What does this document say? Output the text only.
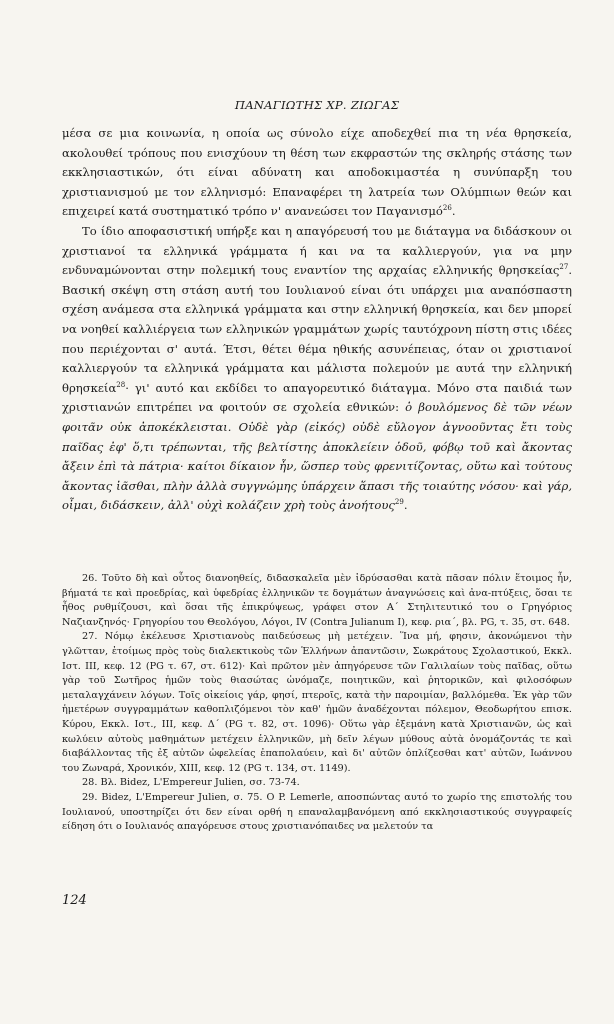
ΠΑΝΑΓΙΩΤΗΣ ΧΡ. ΖΙΩΓΑΣ

μέσα σε μια κοινωνία, η οποία ως σύνολο είχε αποδεχθεί πια τη νέα θρησκεία, ακολουθεί τρόπους που ενισχύουν τη θέση των εκφραστών της σκληρής στάσης των εκκλησιαστικών, ότι είναι αδύνατη και αποδοκιμαστέα η συνύπαρξη του χριστιανισμού με τον ελληνισμό: Επαναφέρει τη λατρεία των Ολύμπιων θεών και επιχειρεί κατά συστηματικό τρόπο ν' ανανεώσει τον Παγανισμό$^{26}$.

Το ίδιο αποφασιστική υπήρξε και η απαγόρευσή του με διάταγμα να διδάσκουν οι χριστιανοί τα ελληνικά γράμματα ή και να τα καλλιεργούν, για να μην ενδυναμώνονται στην πολεμική τους εναντίον της αρχαίας ελληνικής θρησκείας$^{27}$. Βασική σκέψη στη στάση αυτή του Ιουλιανού είναι ότι υπάρχει μια αναπόσπαστη σχέση ανάμεσα στα ελληνικά γράμματα και στην ελληνική θρησκεία, και δεν μπορεί να νοηθεί καλλιέργεια των ελληνικών γραμμάτων χωρίς ταυτόχρονη πίστη στις ιδέες που περιέχονται σ' αυτά. Έτσι, θέτει θέμα ηθικής ασυνέπειας, όταν οι χριστιανοί καλλιεργούν τα ελληνικά γράμματα και μάλιστα πολεμούν με αυτά την ελληνική θρησκεία$^{28}$· γι' αυτό και εκδίδει το απαγορευτικό διάταγμα. Μόνο στα παιδιά των χριστιανών επιτρέπει να φοιτούν σε σχολεία εθνικών: ὁ βουλόμενος δὲ τῶν νέων φοιτᾶν οὐκ ἀποκέκλεισται. Οὐδὲ γὰρ (εἰκός) οὐδὲ εὔλογον ἀγνοοῦντας ἔτι τοὺς παῖδας ἐφ' ὅ,τι τρέπωνται, τῆς βελτίστης ἀποκλείειν ὁδοῦ, φόβῳ τοῦ καὶ ἄκοντας ἄξειν ἐπὶ τὰ πάτρια· καίτοι δίκαιον ἦν, ὥσπερ τοὺς φρενιτίζοντας, οὕτω καὶ τούτους ἄκοντας ἰᾶσθαι, πλὴν ἀλλὰ συγγνώμης ὑπάρχειν ἅπασι τῆς τοιαύτης νόσου· καὶ γάρ, οἶμαι, διδάσκειν, ἀλλ' οὐχὶ κολάζειν χρὴ τοὺς ἀνοήτους$^{29}$.

26. Τοῦτο δὴ καὶ οὗτος διανοηθείς, διδασκαλεῖα μὲν ἱδρύσασθαι κατὰ πᾶσαν πόλιν ἕτοιμος ἦν, βήματά τε καὶ προεδρίας, καὶ ὑφεδρίας ἑλληνικῶν τε δογμάτων ἀναγνώσεις καὶ ἀνα-πτύξεις, ὅσαι τε ἦθος ρυθμίζουσι, καὶ ὅσαι τῆς ἐπικρύψεως, γράφει στον Α΄ Στηλιτευτικό του ο Γρηγόριος Ναζιανζηνός· Γρηγορίου του Θεολόγου, Λόγοι, IV (Contra Julianum I), κεφ. ρια΄, βλ. PG, τ. 35, στ. 648.

27. Νόμῳ ἐκέλευσε Χριστιανοὺς παιδεύσεως μὴ μετέχειν. Ἵνα μή, φησιν, ἀκονώμενοι τὴν γλῶτταν, ἑτοίμως πρὸς τοὺς διαλεκτικοὺς τῶν Ἑλλήνων ἀπαντῶσιν, Σωκράτους Σχολαστικού, Εκκλ. Ιστ. III, κεφ. 12 (PG τ. 67, στ. 612)· Καὶ πρῶτον μὲν ἀπηγόρευσε τῶν Γαλιλαίων τοὺς παῖδας, οὕτω γὰρ τοῦ Σωτῆρος ἡμῶν τοὺς θιασώτας ὠνόμαζε, ποιητικῶν, καὶ ῥητορικῶν, καὶ φιλοσόφων μεταλαγχάνειν λόγων. Τοῖς οἰκείοις γάρ, φησί, πτεροῖς, κατὰ τὴν παροιμίαν, βαλλόμεθα. Ἐκ γὰρ τῶν ἡμετέρων συγγραμμάτων καθοπλιζόμενοι τὸν καθ' ἡμῶν ἀναδέχονται πόλεμον, Θεοδωρήτου επισκ. Κύρου, Εκκλ. Ιστ., III, κεφ. Δ΄ (PG τ. 82, στ. 1096)· Οὕτω γὰρ ἐξεμάνη κατὰ Χριστιανῶν, ὡς καὶ κωλύειν αὐτοὺς μαθημάτων μετέχειν ἑλληνικῶν, μὴ δεῖν λέγων μύθους αὐτὰ ὀνομάζοντάς τε καὶ διαβάλλοντας τῆς ἐξ αὐτῶν ὠφελείας ἐπαπολαύειν, καὶ δι' αὐτῶν ὁπλίζεσθαι κατ' αὐτῶν, Ιωάννου του Ζωναρά, Χρονικόν, XIII, κεφ. 12 (PG τ. 134, στ. 1149).

28. Βλ. Bidez, L'Empereur Julien, σσ. 73-74.

29. Bidez, L'Empereur Julien, σ. 75. O P. Lemerle, αποσπώντας αυτό το χωρίο της επιστολής του Ιουλιανού, υποστηρίζει ότι δεν είναι ορθή η επαναλαμβανόμενη από εκκλησιαστικούς συγγραφείς είδηση ότι ο Ιουλιανός απαγόρευσε στους χριστιανόπαιδες να μελετούν τα

124
